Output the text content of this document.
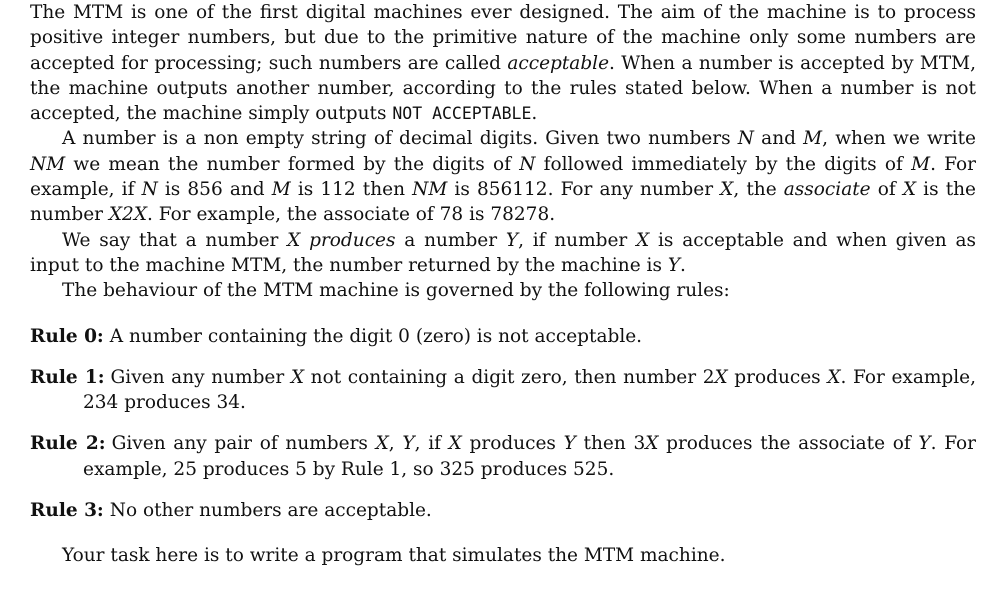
The MTM is one of the first digital machines ever designed. The aim of the machine is to process positive integer numbers, but due to the primitive nature of the machine only some numbers are accepted for processing; such numbers are called acceptable. When a number is accepted by MTM, the machine outputs another number, according to the rules stated below. When a number is not accepted, the machine simply outputs NOT ACCEPTABLE.

A number is a non empty string of decimal digits. Given two numbers N and M, when we write NM we mean the number formed by the digits of N followed immediately by the digits of M. For example, if N is 856 and M is 112 then NM is 856112. For any number X, the associate of X is the number X2X. For example, the associate of 78 is 78278.

We say that a number X produces a number Y, if number X is acceptable and when given as input to the machine MTM, the number returned by the machine is Y.

The behaviour of the MTM machine is governed by the following rules:

Rule 0: A number containing the digit 0 (zero) is not acceptable.

Rule 1: Given any number X not containing a digit zero, then number 2X produces X. For example, 234 produces 34.

Rule 2: Given any pair of numbers X, Y, if X produces Y then 3X produces the associate of Y. For example, 25 produces 5 by Rule 1, so 325 produces 525.

Rule 3: No other numbers are acceptable.

Your task here is to write a program that simulates the MTM machine.
